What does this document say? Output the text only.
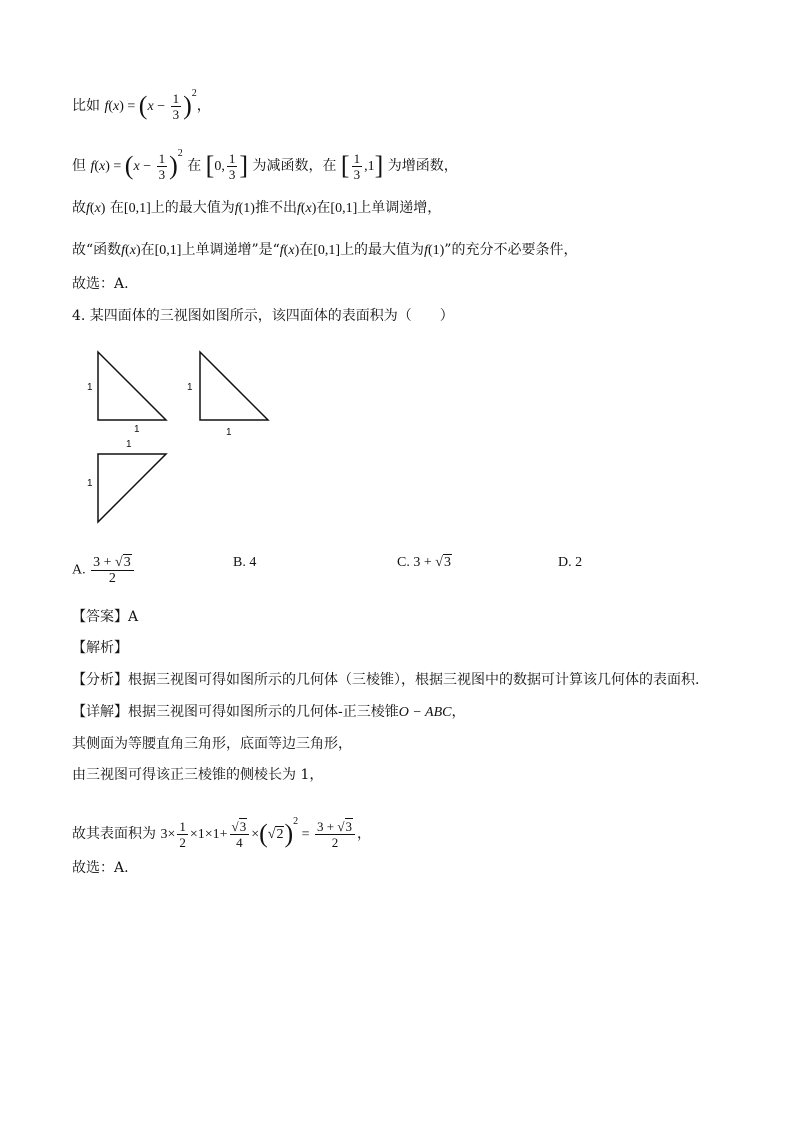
比如 $f(x) = (x - \frac{1}{3} )^2$，
但 $f(x) = (x - \frac{1}{3} )^2$ 在 [0, $\frac{1}{3}$ ] 为减函数，在 [ $\frac{1}{3} ,1$] 为增函数，
故f(x) 在[0,1]上的最大值为f(1)推不出f(x)在[0,1]上单调递增，
故“函数f(x)在[0,1]上单调递增”是“f(x)在[0,1]上的最大值为f(1)”的充分不必要条件，
故选：A.
4. 某四面体的三视图如图所示，该四面体的表面积为（　　）
1
1
1
1
1
1
A. $\frac{3 + √3}{2}$	B. 4	C. 3 + √3	D. 2
【答案】A
【解析】
【分析】根据三视图可得如图所示的几何体（三棱锥），根据三视图中的数据可计算该几何体的表面积.
【详解】根据三视图可得如图所示的几何体-正三棱锥O − ABC，
其侧面为等腰直角三角形，底面等边三角形，
由三视图可得该正三棱锥的侧棱长为 1，
故其表面积为 $3\times \frac{1}{2} \times 1\times 1+ \frac{√3}{4} \times(√2)^2 = \frac{3 + √3}{2}$ ，
故选：A.
